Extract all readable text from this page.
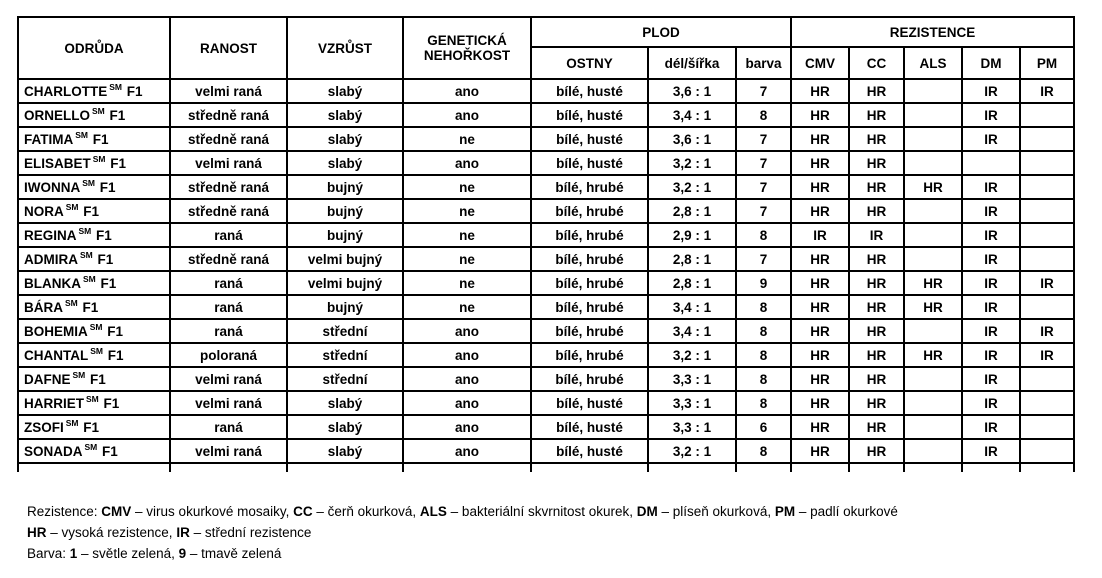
ODRŮDA	RANOST	VZRŮST	GENETICKÁ NEHOŘKOST	PLOD			REZISTENCE				
				OSTNY	dél/šířka	barva	CMV	CC	ALS	DM	PM
CHARLOTTE ℠ F1	velmi raná	slabý	ano	bílé, husté	3,6 : 1	7	HR	HR		IR	IR
ORNELLO ℠ F1	středně raná	slabý	ano	bílé, husté	3,4 : 1	8	HR	HR		IR	
FATIMA ℠ F1	středně raná	slabý	ne	bílé, husté	3,6 : 1	7	HR	HR		IR	
ELISABET ℠ F1	velmi raná	slabý	ano	bílé, husté	3,2 : 1	7	HR	HR			
IWONNA ℠ F1	středně raná	bujný	ne	bílé, hrubé	3,2 : 1	7	HR	HR	HR	IR	
NORA ℠ F1	středně raná	bujný	ne	bílé, hrubé	2,8 : 1	7	HR	HR		IR	
REGINA ℠ F1	raná	bujný	ne	bílé, hrubé	2,9 : 1	8	IR	IR		IR	
ADMIRA ℠ F1	středně raná	velmi bujný	ne	bílé, hrubé	2,8 : 1	7	HR	HR		IR	
BLANKA ℠ F1	raná	velmi bujný	ne	bílé, hrubé	2,8 : 1	9	HR	HR	HR	IR	IR
BÁRA ℠ F1	raná	bujný	ne	bílé, hrubé	3,4 : 1	8	HR	HR	HR	IR	
BOHEMIA ℠ F1	raná	střední	ano	bílé, hrubé	3,4 : 1	8	HR	HR		IR	IR
CHANTAL ℠ F1	poloraná	střední	ano	bílé, hrubé	3,2 : 1	8	HR	HR	HR	IR	IR
DAFNE ℠ F1	velmi raná	střední	ano	bílé, hrubé	3,3 : 1	8	HR	HR		IR	
HARRIET ℠ F1	velmi raná	slabý	ano	bílé, husté	3,3 : 1	8	HR	HR		IR	
ZSOFI ℠ F1	raná	slabý	ano	bílé, husté	3,3 : 1	6	HR	HR		IR	
SONADA ℠ F1	velmi raná	slabý	ano	bílé, husté	3,2 : 1	8	HR	HR		IR	

Rezistence: CMV – virus okurkové mosaiky, CC – čerň okurková, ALS – bakteriální skvrnitost okurek, DM – plíseň okurková, PM – padlí okurkové

HR – vysoká rezistence, IR – střední rezistence

Barva: 1 – světle zelená, 9 – tmavě zelená
